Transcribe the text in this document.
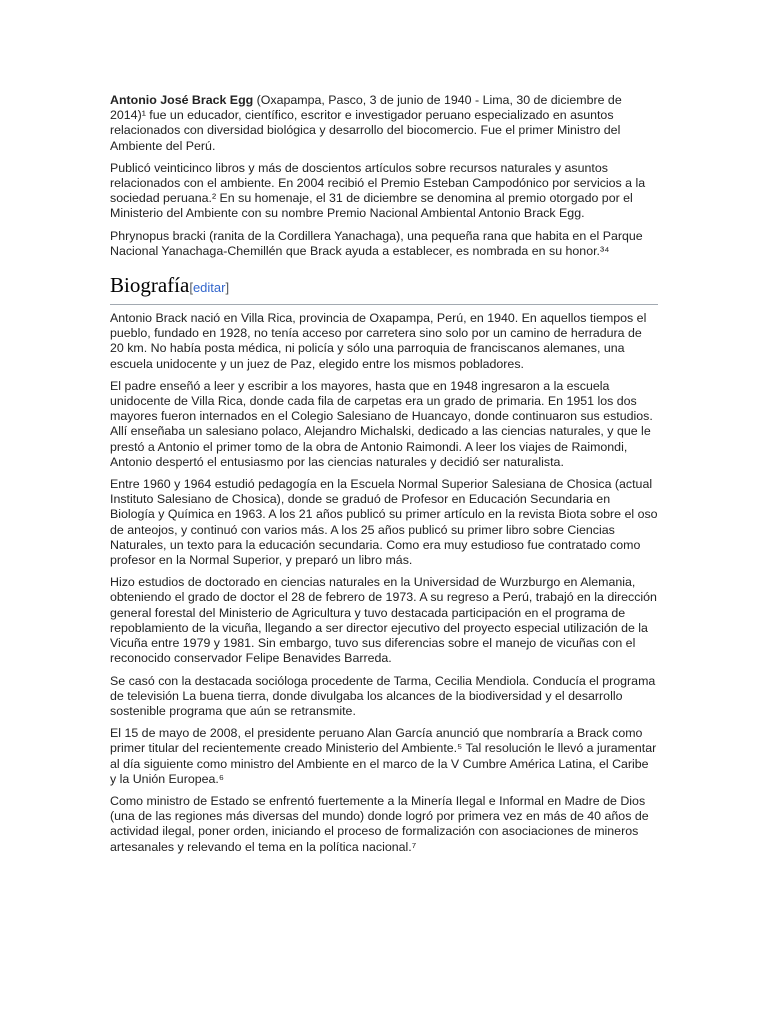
Antonio José Brack Egg (Oxapampa, Pasco, 3 de junio de 1940 - Lima, 30 de diciembre de 2014)¹ fue un educador, científico, escritor e investigador peruano especializado en asuntos relacionados con diversidad biológica y desarrollo del biocomercio. Fue el primer Ministro del Ambiente del Perú.

Publicó veinticinco libros y más de doscientos artículos sobre recursos naturales y asuntos relacionados con el ambiente. En 2004 recibió el Premio Esteban Campodónico por servicios a la sociedad peruana.² En su homenaje, el 31 de diciembre se denomina al premio otorgado por el Ministerio del Ambiente con su nombre Premio Nacional Ambiental Antonio Brack Egg.

Phrynopus bracki (ranita de la Cordillera Yanachaga), una pequeña rana que habita en el Parque Nacional Yanachaga-Chemillén que Brack ayuda a establecer, es nombrada en su honor.³⁴

Biografía[editar]

Antonio Brack nació en Villa Rica, provincia de Oxapampa, Perú, en 1940. En aquellos tiempos el pueblo, fundado en 1928, no tenía acceso por carretera sino solo por un camino de herradura de 20 km. No había posta médica, ni policía y sólo una parroquia de franciscanos alemanes, una escuela unidocente y un juez de Paz, elegido entre los mismos pobladores.

El padre enseñó a leer y escribir a los mayores, hasta que en 1948 ingresaron a la escuela unidocente de Villa Rica, donde cada fila de carpetas era un grado de primaria. En 1951 los dos mayores fueron internados en el Colegio Salesiano de Huancayo, donde continuaron sus estudios. Allí enseñaba un salesiano polaco, Alejandro Michalski, dedicado a las ciencias naturales, y que le prestó a Antonio el primer tomo de la obra de Antonio Raimondi. A leer los viajes de Raimondi, Antonio despertó el entusiasmo por las ciencias naturales y decidió ser naturalista.

Entre 1960 y 1964 estudió pedagogía en la Escuela Normal Superior Salesiana de Chosica (actual Instituto Salesiano de Chosica), donde se graduó de Profesor en Educación Secundaria en Biología y Química en 1963. A los 21 años publicó su primer artículo en la revista Biota sobre el oso de anteojos, y continuó con varios más. A los 25 años publicó su primer libro sobre Ciencias Naturales, un texto para la educación secundaria. Como era muy estudioso fue contratado como profesor en la Normal Superior, y preparó un libro más.

Hizo estudios de doctorado en ciencias naturales en la Universidad de Wurzburgo en Alemania, obteniendo el grado de doctor el 28 de febrero de 1973. A su regreso a Perú, trabajó en la dirección general forestal del Ministerio de Agricultura y tuvo destacada participación en el programa de repoblamiento de la vicuña, llegando a ser director ejecutivo del proyecto especial utilización de la Vicuña entre 1979 y 1981. Sin embargo, tuvo sus diferencias sobre el manejo de vicuñas con el reconocido conservador Felipe Benavides Barreda.

Se casó con la destacada socióloga procedente de Tarma, Cecilia Mendiola. Conducía el programa de televisión La buena tierra, donde divulgaba los alcances de la biodiversidad y el desarrollo sostenible programa que aún se retransmite.

El 15 de mayo de 2008, el presidente peruano Alan García anunció que nombraría a Brack como primer titular del recientemente creado Ministerio del Ambiente.⁵ Tal resolución le llevó a juramentar al día siguiente como ministro del Ambiente en el marco de la V Cumbre América Latina, el Caribe y la Unión Europea.⁶

Como ministro de Estado se enfrentó fuertemente a la Minería Ilegal e Informal en Madre de Dios (una de las regiones más diversas del mundo) donde logró por primera vez en más de 40 años de actividad ilegal, poner orden, iniciando el proceso de formalización con asociaciones de mineros artesanales y relevando el tema en la política nacional.⁷
